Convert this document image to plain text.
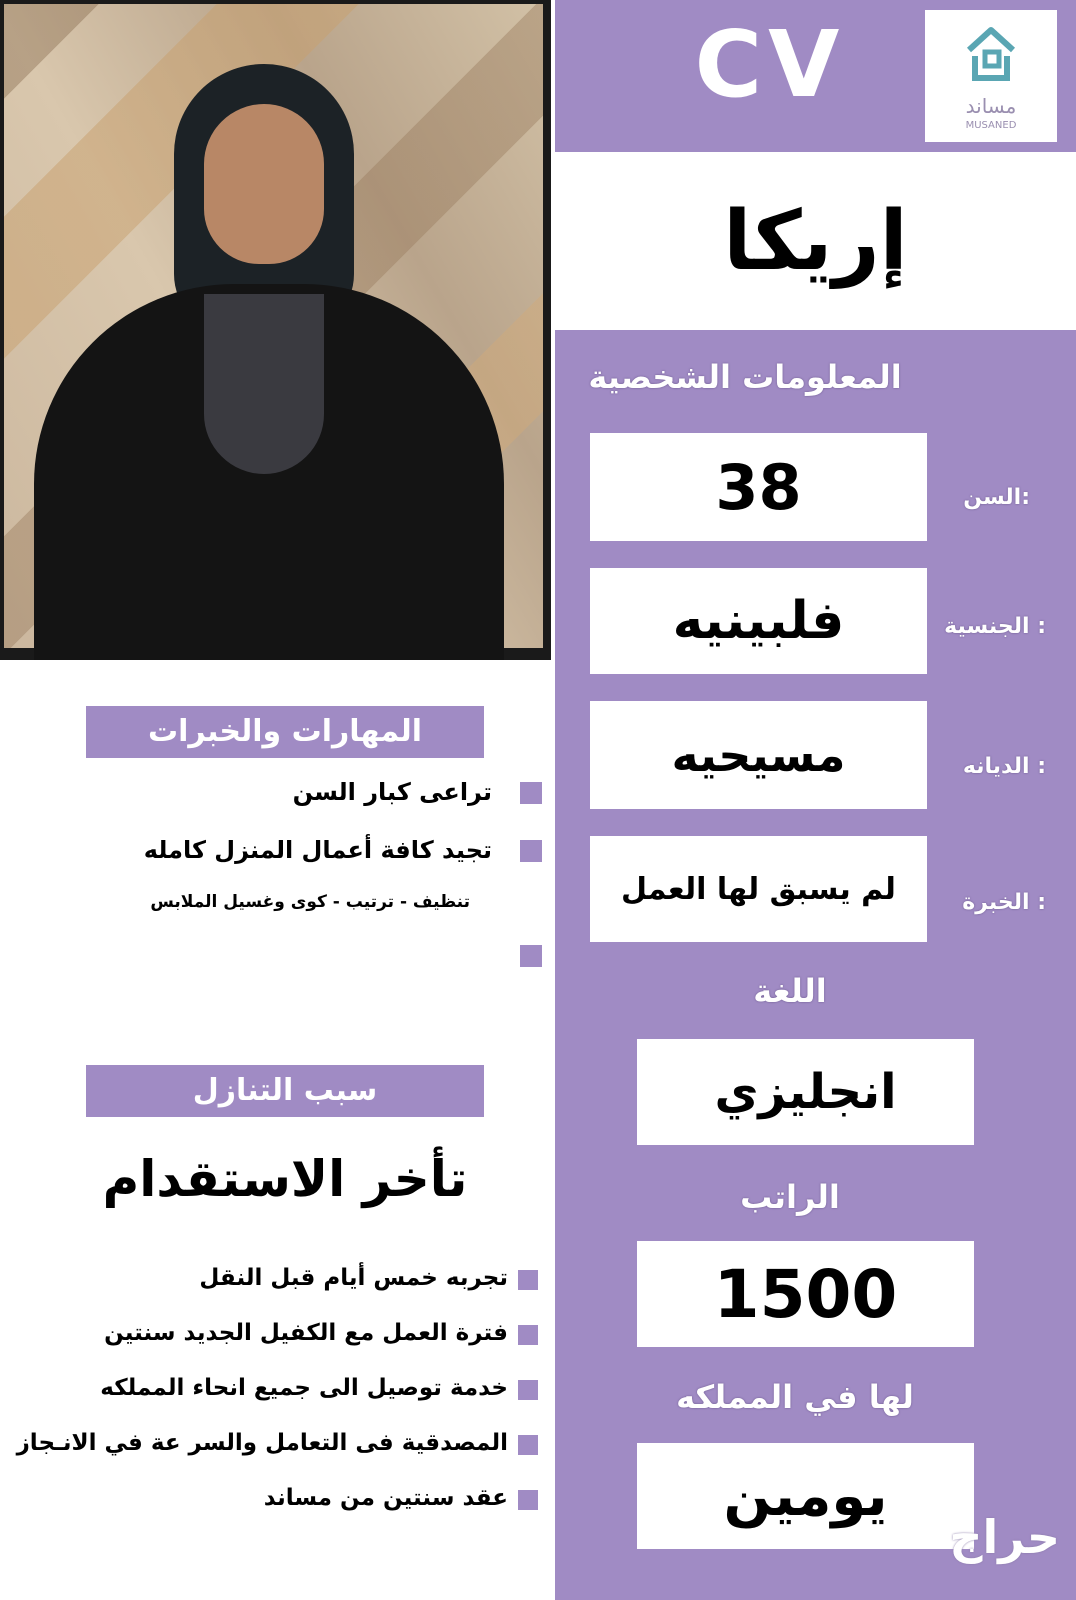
CV	مساند
MUSANED
إريكا
المعلومات الشخصية
38	السن:
فلبينيه	الجنسية :
مسيحيه	الديانه :
لم يسبق لها العمل	الخبرة :
اللغة
انجليزي
الراتب
1500
لها في المملكه
يومين
حراج
المهارات والخبرات
تراعى كبار السن
تجيد كافة أعمال المنزل كامله
تنظيف - ترتيب - كوى وغسيل الملابس
سبب التنازل
تأخر الاستقدام
تجربه خمس أيام قبل النقل
فترة العمل مع الكفيل الجديد سنتين
خدمة توصيل الى جميع انحاء المملكه
المصدقية فى التعامل والسر عة في الانـجاز
عقد سنتين من مساند
